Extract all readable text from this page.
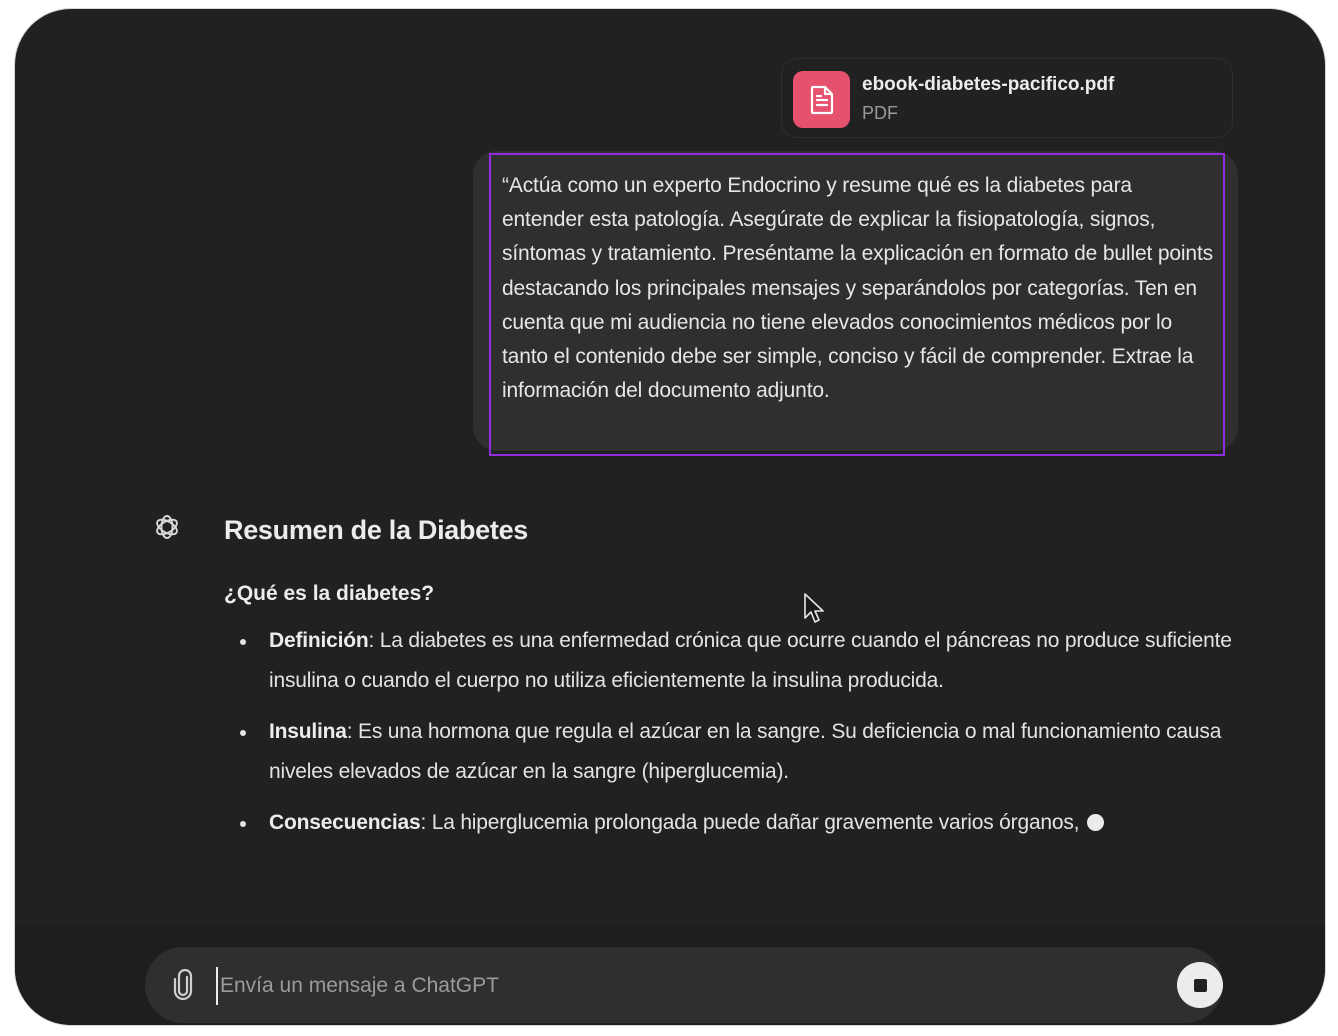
ebook-diabetes-pacifico.pdf
PDF
“Actúa como un experto Endocrino y resume qué es la diabetes para entender esta patología. Asegúrate de explicar la fisiopatología, signos, síntomas y tratamiento. Preséntame la explicación en formato de bullet points destacando los principales mensajes y separándolos por categorías. Ten en cuenta que mi audiencia no tiene elevados conocimientos médicos por lo tanto el contenido debe ser simple, conciso y fácil de comprender. Extrae la información del documento adjunto.
Resumen de la Diabetes
¿Qué es la diabetes?
Definición: La diabetes es una enfermedad crónica que ocurre cuando el páncreas no produce suficiente insulina o cuando el cuerpo no utiliza eficientemente la insulina producida.
Insulina: Es una hormona que regula el azúcar en la sangre. Su deficiencia o mal funcionamiento causa niveles elevados de azúcar en la sangre (hiperglucemia).
Consecuencias: La hiperglucemia prolongada puede dañar gravemente varios órganos,
Envía un mensaje a ChatGPT
